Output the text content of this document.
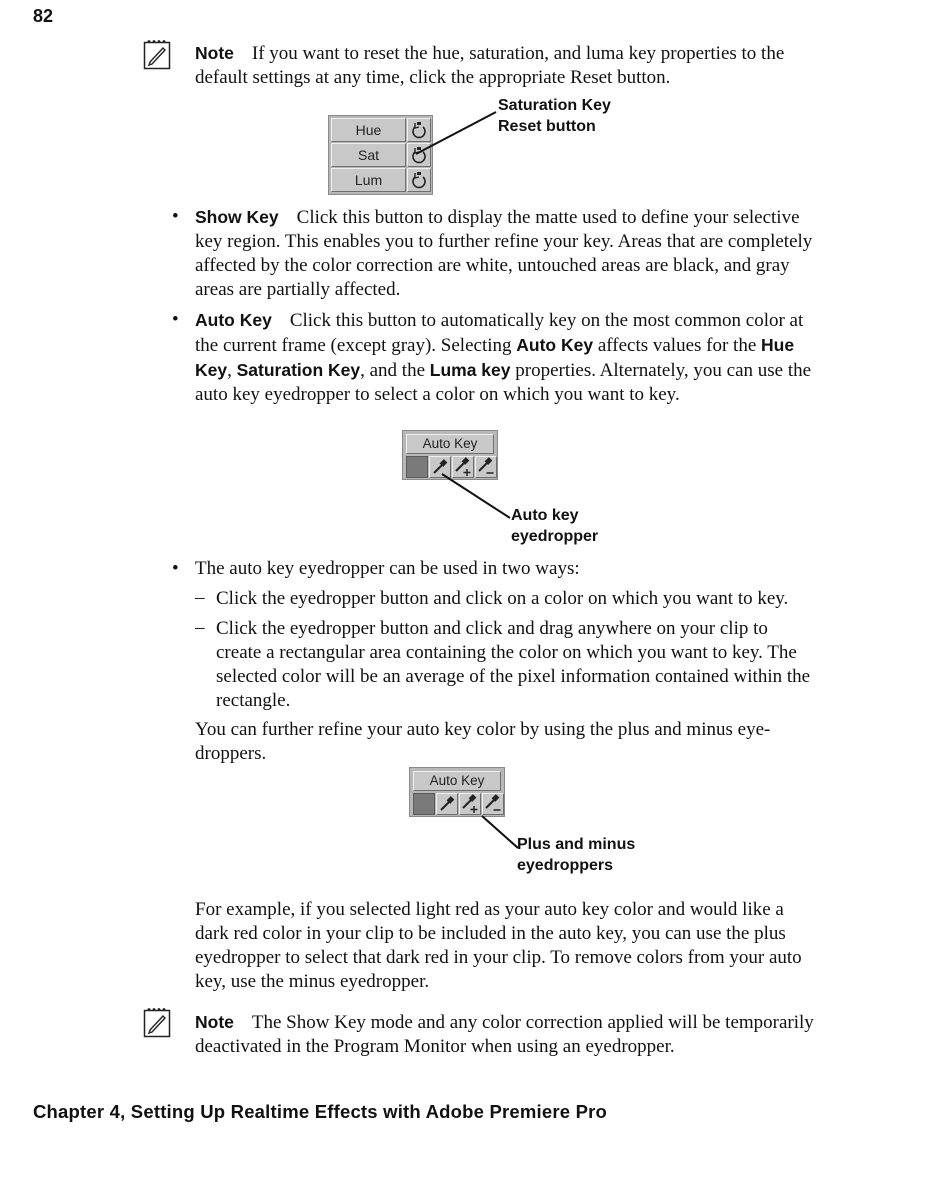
82
Note If you want to reset the hue, saturation, and luma key properties to the default settings at any time, click the appropriate Reset button.
Hue
Sat
Lum
Saturation Key
Reset button
• Show Key Click this button to display the matte used to define your selective key region. This enables you to further refine your key. Areas that are completely affected by the color correction are white, untouched areas are black, and gray areas are partially affected.
• Auto Key Click this button to automatically key on the most common color at the current frame (except gray). Selecting Auto Key affects values for the Hue Key, Saturation Key, and the Luma key properties. Alternately, you can use the auto key eyedropper to select a color on which you want to key.
Auto Key
Auto key
eyedropper
• The auto key eyedropper can be used in two ways:
– Click the eyedropper button and click on a color on which you want to key.
– Click the eyedropper button and click and drag anywhere on your clip to create a rectangular area containing the color on which you want to key. The selected color will be an average of the pixel information contained within the rectangle.
You can further refine your auto key color by using the plus and minus eye-droppers.
Auto Key
Plus and minus
eyedroppers
For example, if you selected light red as your auto key color and would like a dark red color in your clip to be included in the auto key, you can use the plus eyedropper to select that dark red in your clip. To remove colors from your auto key, use the minus eyedropper.
Note The Show Key mode and any color correction applied will be temporarily deactivated in the Program Monitor when using an eyedropper.
Chapter 4, Setting Up Realtime Effects with Adobe Premiere Pro
